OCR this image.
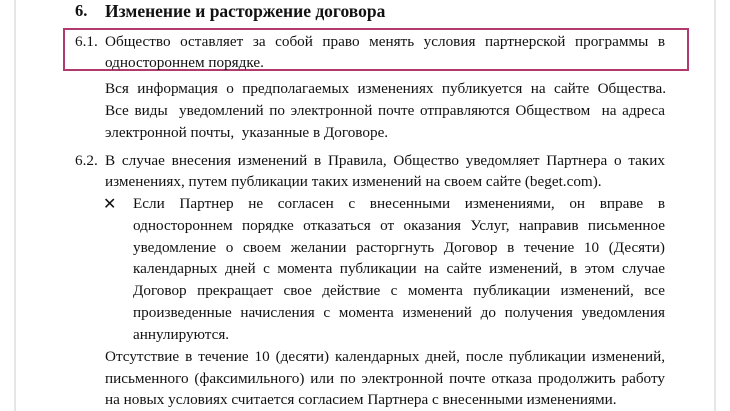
6. Изменение и расторжение договора
6.1. Общество оставляет за собой право менять условия партнерской программы в
одностороннем порядке.
Вся информация о предполагаемых изменениях публикуется на сайте Общества.
Все виды  уведомлений по электронной почте отправляются Обществом  на адреса
электронной почты,  указанные в Договоре.
6.2. В случае внесения изменений в Правила, Общество уведомляет Партнера о таких
изменениях, путем публикации таких изменений на своем сайте (beget.com).
✕ Если Партнер не согласен с внесенными изменениями, он вправе в
одностороннем порядке отказаться от оказания Услуг, направив письменное
уведомление о своем желании расторгнуть Договор в течение 10 (Десяти)
календарных дней с момента публикации на сайте изменений, в этом случае
Договор прекращает свое действие с момента публикации изменений, все
произведенные начисления с момента изменений до получения уведомления
аннулируются.
Отсутствие в течение 10 (десяти) календарных дней, после публикации изменений,
письменного (факсимильного) или по электронной почте отказа продолжить работу
на новых условиях считается согласием Партнера с внесенными изменениями.
